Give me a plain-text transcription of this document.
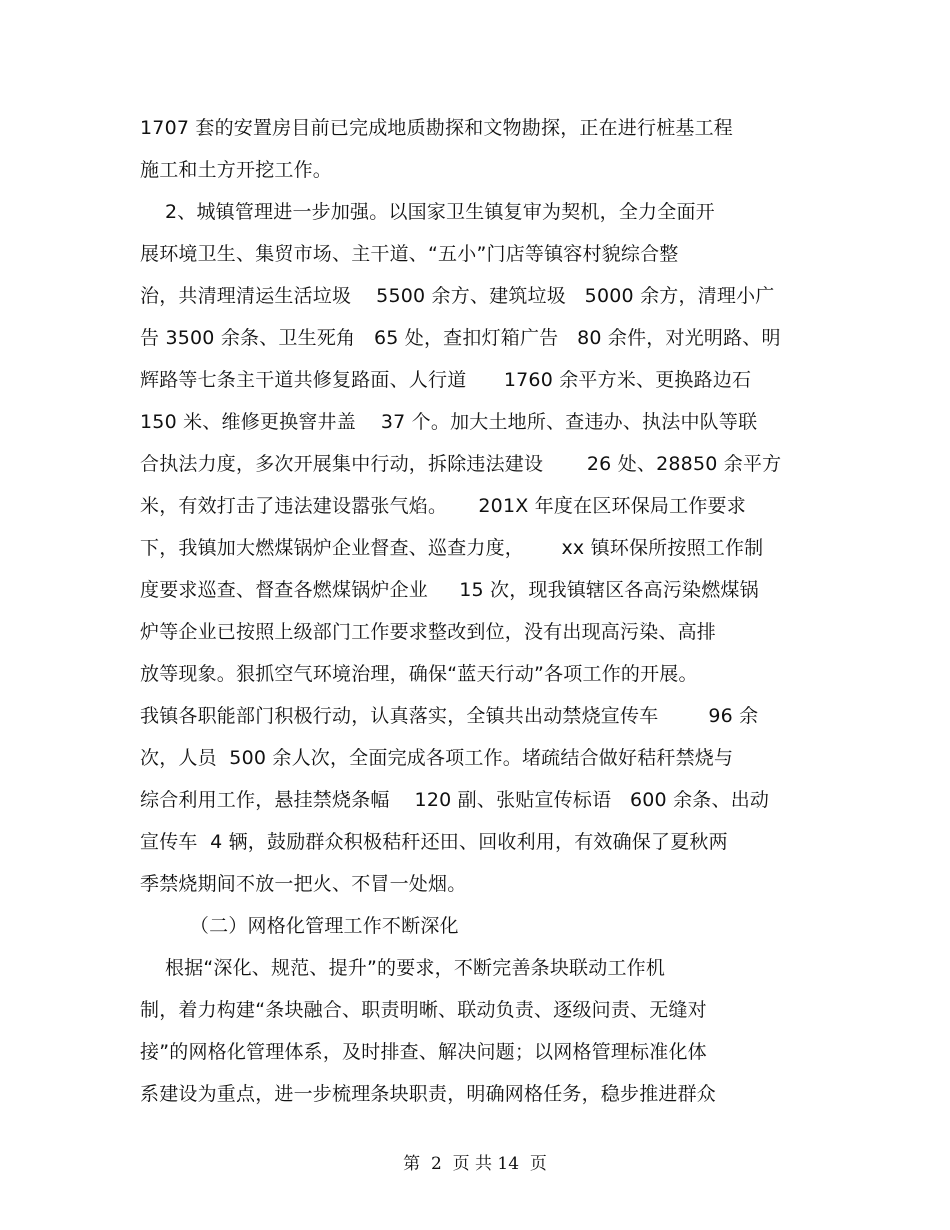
1707 套的安置房目前已完成地质勘探和文物勘探，正在进行桩基工程
施工和土方开挖工作。
2、城镇管理进一步加强。以国家卫生镇复审为契机，全力全面开
展环境卫生、集贸市场、主干道、“五小”门店等镇容村貌综合整
治，共清理清运生活垃圾    5500 余方、建筑垃圾   5000 余方，清理小广
告 3500 余条、卫生死角   65 处，查扣灯箱广告   80 余件，对光明路、明
辉路等七条主干道共修复路面、人行道      1760 余平方米、更换路边石
150 米、维修更换窨井盖    37 个。加大土地所、查违办、执法中队等联
合执法力度，多次开展集中行动，拆除违法建设       26 处、28850 余平方
米，有效打击了违法建设嚣张气焰。     201X 年度在区环保局工作要求
下，我镇加大燃煤锅炉企业督查、巡查力度，      xx 镇环保所按照工作制
度要求巡查、督查各燃煤锅炉企业     15 次，现我镇辖区各高污染燃煤锅
炉等企业已按照上级部门工作要求整改到位，没有出现高污染、高排
放等现象。狠抓空气环境治理，确保“蓝天行动”各项工作的开展。
我镇各职能部门积极行动，认真落实，全镇共出动禁烧宣传车        96 余
次，人员  500 余人次，全面完成各项工作。堵疏结合做好秸秆禁烧与
综合利用工作，悬挂禁烧条幅    120 副、张贴宣传标语   600 余条、出动
宣传车  4 辆，鼓励群众积极秸秆还田、回收利用，有效确保了夏秋两
季禁烧期间不放一把火、不冒一处烟。
（二）网格化管理工作不断深化
根据“深化、规范、提升”的要求，不断完善条块联动工作机
制，着力构建“条块融合、职责明晰、联动负责、逐级问责、无缝对
接”的网格化管理体系，及时排查、解决问题；以网格管理标准化体
系建设为重点，进一步梳理条块职责，明确网格任务，稳步推进群众
第  2  页 共 14  页
